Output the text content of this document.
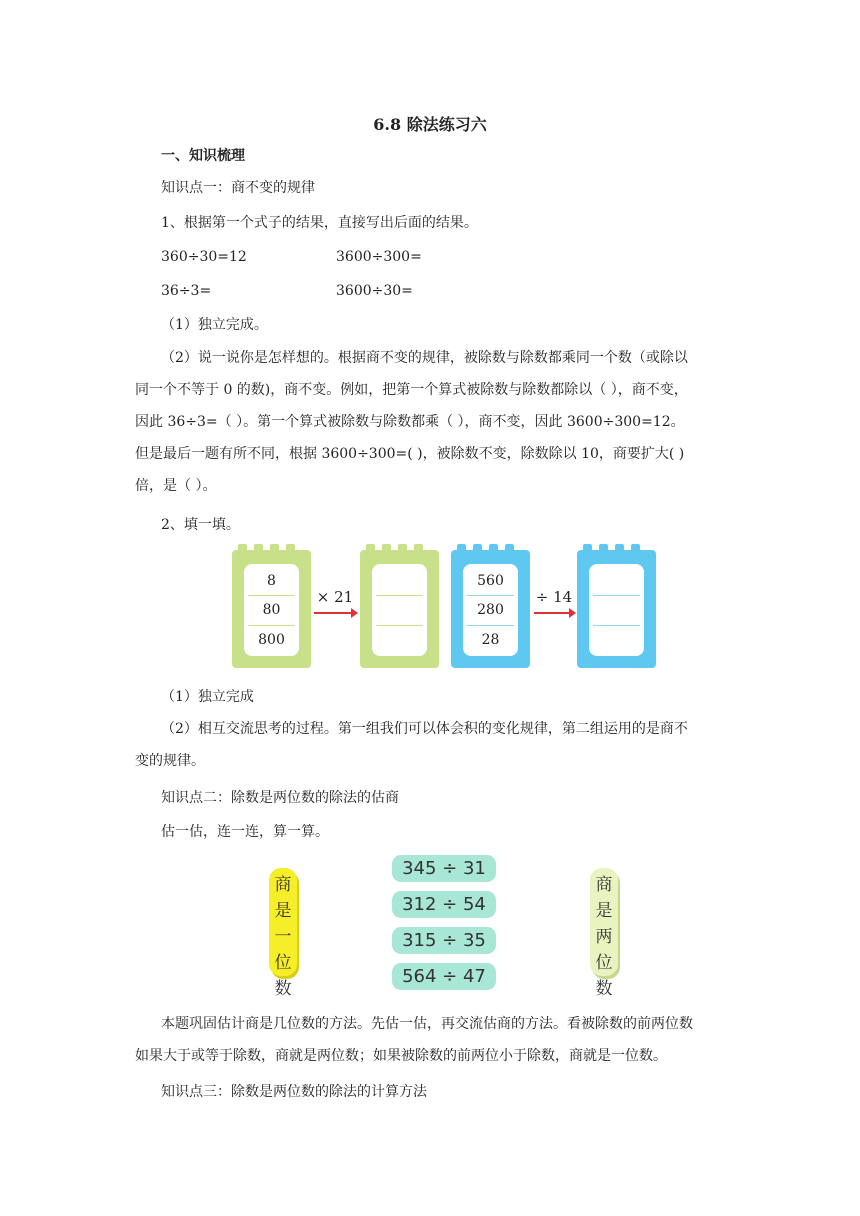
6.8 除法练习六
一、知识梳理
知识点一：商不变的规律
1、根据第一个式子的结果，直接写出后面的结果。
360÷30=12	3600÷300=
36÷3=	3600÷30=
（1）独立完成。
（2）说一说你是怎样想的。根据商不变的规律，被除数与除数都乘同一个数（或除以
同一个不等于 0 的数)，商不变。例如，把第一个算式被除数与除数都除以（ ），商不变，
因此 36÷3=（ ）。第一个算式被除数与除数都乘（ ），商不变，因此 3600÷300=12。
但是最后一题有所不同，根据 3600÷300=( )，被除数不变，除数除以 10，商要扩大( )
倍，是（ ）。
2、填一填。
8
80
800
× 21
560
280
28
÷ 14
（1）独立完成
（2）相互交流思考的过程。第一组我们可以体会积的变化规律，第二组运用的是商不
变的规律。
知识点二：除数是两位数的除法的估商
估一估，连一连，算一算。
商
是
一
位
数
345 ÷ 31
312 ÷ 54
315 ÷ 35
564 ÷ 47
商
是
两
位
数
本题巩固估计商是几位数的方法。先估一估，再交流估商的方法。看被除数的前两位数
如果大于或等于除数，商就是两位数；如果被除数的前两位小于除数，商就是一位数。
知识点三：除数是两位数的除法的计算方法
